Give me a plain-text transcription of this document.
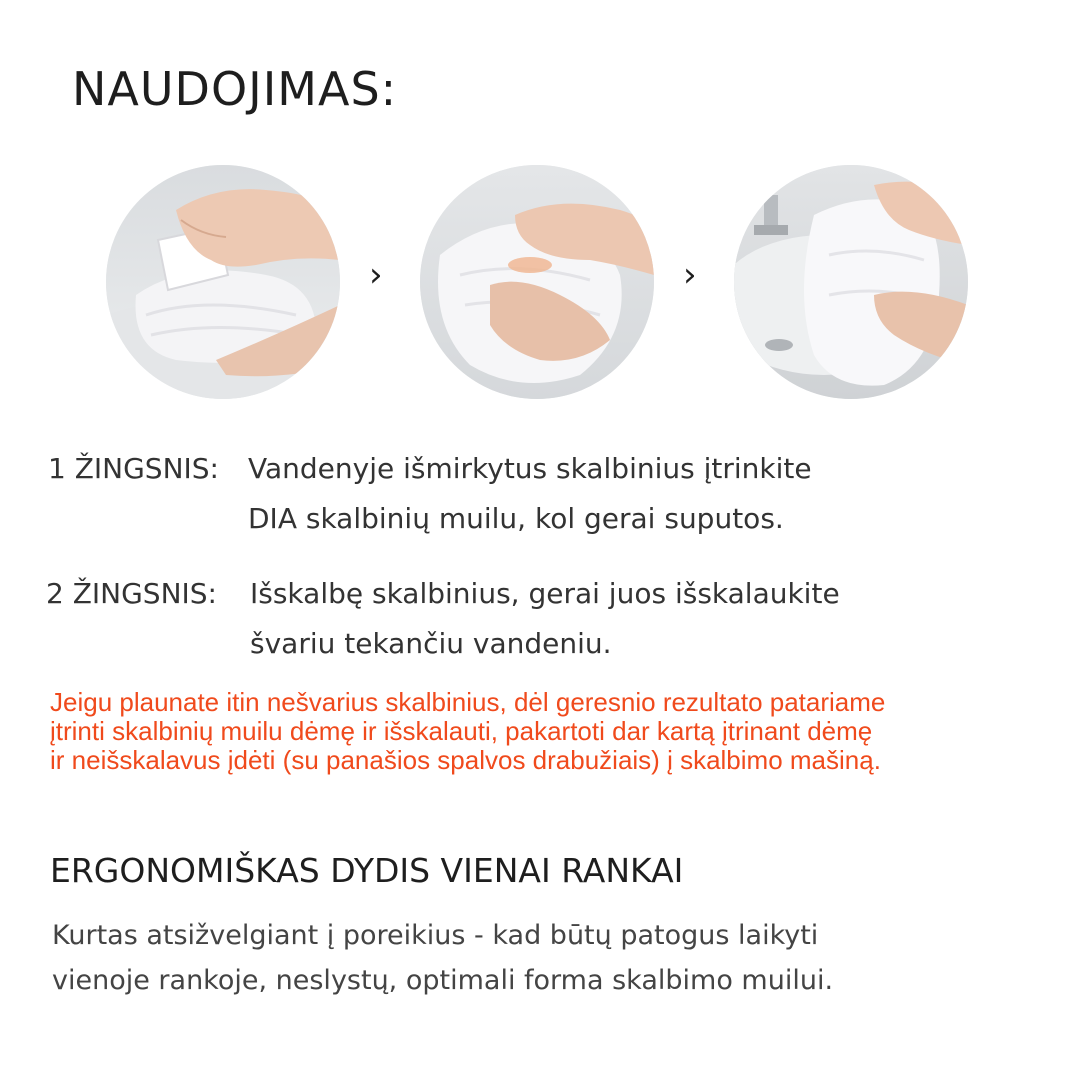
NAUDOJIMAS:
›	›
1 ŽINGSNIS: Vandenyje išmirkytus skalbinius įtrinkite
DIA skalbinių muilu, kol gerai suputos.
2 ŽINGSNIS: Išskalbę skalbinius, gerai juos išskalaukite
švariu tekančiu vandeniu.
Jeigu plaunate itin nešvarius skalbinius, dėl geresnio rezultato patariame
įtrinti skalbinių muilu dėmę ir išskalauti, pakartoti dar kartą įtrinant dėmę
ir neišskalavus įdėti (su panašios spalvos drabužiais) į skalbimo mašiną.
ERGONOMIŠKAS DYDIS VIENAI RANKAI
Kurtas atsižvelgiant į poreikius - kad būtų patogus laikyti
vienoje rankoje, neslystų, optimali forma skalbimo muilui.
